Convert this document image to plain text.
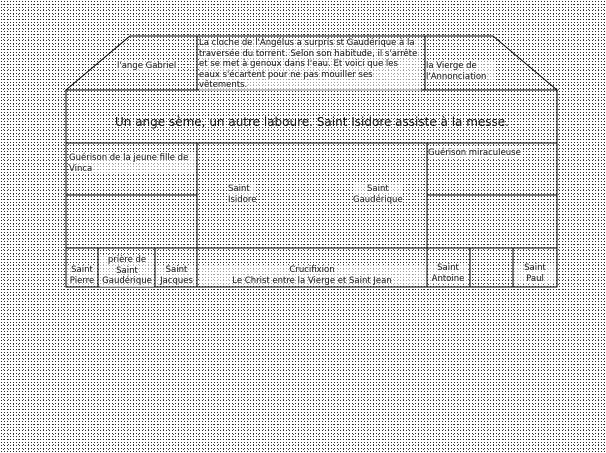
l'ange Gabriel
La cloche de l'Angélus a surpris st Gaudérique à la traversée du torrent. Selon son habitude, il s'arrête et se met à genoux dans l'eau. Et voici que les eaux s'écartent pour ne pas mouiller ses vêtements.
la Vierge de l'Annonciation
Un ange sème, un autre laboure. Saint Isidore assiste à la messe.
Guérison de la jeune fille de Vinca
Guérison miraculeuse
Saint
Isidore
Saint
Gaudérique
Saint
Pierre
prière de
Saint
Gaudérique
Saint
Jacques
Crucifixion
Le Christ entre la Vierge et Saint Jean
Saint
Antoine
Saint
Paul
